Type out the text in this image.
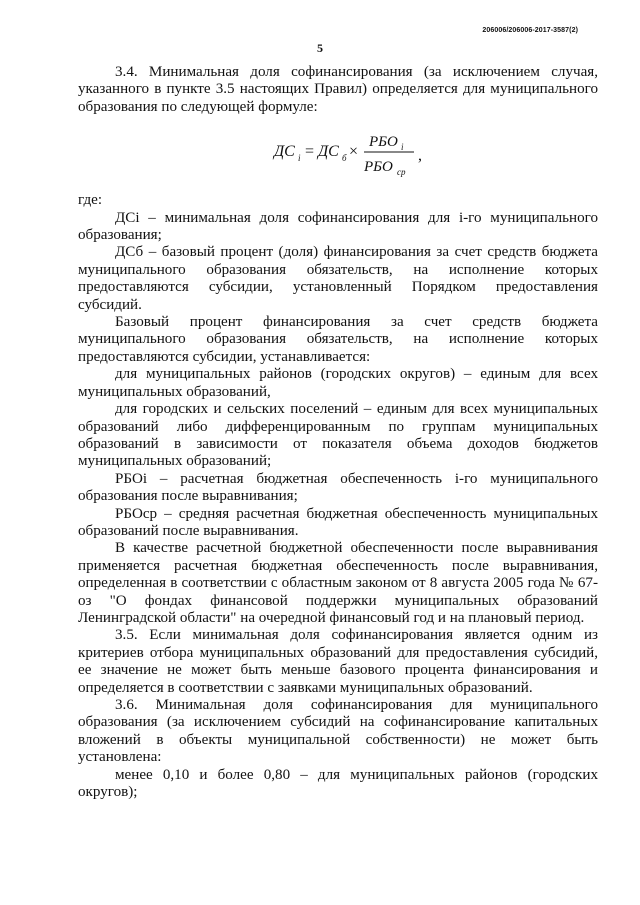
206006/206006-2017-3587(2)
5

3.4. Минимальная доля софинансирования (за исключением случая, указанного в пункте 3.5 настоящих Правил) определяется для муниципального образования по следующей формуле:

ДС i = ДС б ×
РБО i
РБО ср
,

где:

ДСi – минимальная доля софинансирования для i-го муниципального образования;

ДСб – базовый процент (доля) финансирования за счет средств бюджета муниципального образования обязательств, на исполнение которых предоставляются субсидии, установленный Порядком предоставления субсидий.

Базовый процент финансирования за счет средств бюджета муниципального образования обязательств, на исполнение которых предоставляются субсидии, устанавливается:

для муниципальных районов (городских округов) – единым для всех муниципальных образований,

для городских и сельских поселений – единым для всех муниципальных образований либо дифференцированным по группам муниципальных образований в зависимости от показателя объема доходов бюджетов муниципальных образований;

РБОi – расчетная бюджетная обеспеченность i-го муниципального образования после выравнивания;

РБОср – средняя расчетная бюджетная обеспеченность муниципальных образований после выравнивания.

В качестве расчетной бюджетной обеспеченности после выравнивания применяется расчетная бюджетная обеспеченность после выравнивания, определенная в соответствии с областным законом от 8 августа 2005 года № 67-оз "О фондах финансовой поддержки муниципальных образований Ленинградской области" на очередной финансовый год и на плановый период.

3.5. Если минимальная доля софинансирования является одним из критериев отбора муниципальных образований для предоставления субсидий, ее значение не может быть меньше базового процента финансирования и определяется в соответствии с заявками муниципальных образований.

3.6. Минимальная доля софинансирования для муниципального образования (за исключением субсидий на софинансирование капитальных вложений в объекты муниципальной собственности) не может быть установлена:

менее 0,10 и более 0,80 – для муниципальных районов (городских округов);
